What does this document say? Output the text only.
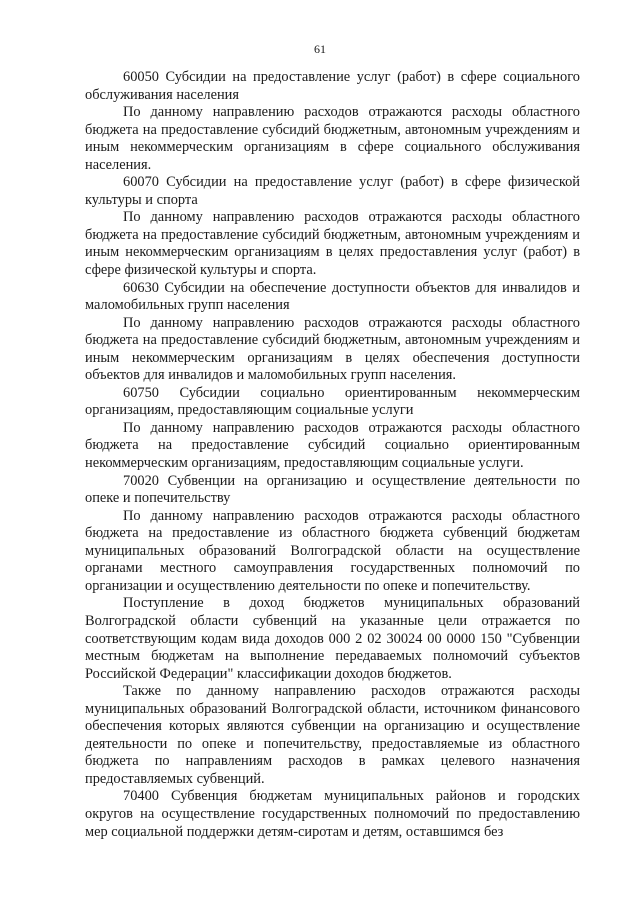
61

60050 Субсидии на предоставление услуг (работ) в сфере социального обслуживания населения

По данному направлению расходов отражаются расходы областного бюджета на предоставление субсидий бюджетным, автономным учреждениям и иным некоммерческим организациям в сфере социального обслуживания населения.

60070 Субсидии на предоставление услуг (работ) в сфере физической культуры и спорта

По данному направлению расходов отражаются расходы областного бюджета на предоставление субсидий бюджетным, автономным учреждениям и иным некоммерческим организациям в целях предоставления услуг (работ) в сфере физической культуры и спорта.

60630 Субсидии на обеспечение доступности объектов для инвалидов и маломобильных групп населения

По данному направлению расходов отражаются расходы областного бюджета на предоставление субсидий бюджетным, автономным учреждениям и иным некоммерческим организациям в целях обеспечения доступности объектов для инвалидов и маломобильных групп населения.

60750 Субсидии социально ориентированным некоммерческим организациям, предоставляющим социальные услуги

По данному направлению расходов отражаются расходы областного бюджета на предоставление субсидий социально ориентированным некоммерческим организациям, предоставляющим социальные услуги.

70020 Субвенции на организацию и осуществление деятельности по опеке и попечительству

По данному направлению расходов отражаются расходы областного бюджета на предоставление из областного бюджета субвенций бюджетам муниципальных образований Волгоградской области на осуществление органами местного самоуправления государственных полномочий по организации и осуществлению деятельности по опеке и попечительству.

Поступление в доход бюджетов муниципальных образований Волгоградской области субвенций на указанные цели отражается по соответствующим кодам вида доходов 000 2 02 30024 00 0000 150 "Субвенции местным бюджетам на выполнение передаваемых полномочий субъектов Российской Федерации" классификации доходов бюджетов.

Также по данному направлению расходов отражаются расходы муниципальных образований Волгоградской области, источником финансового обеспечения которых являются субвенции на организацию и осуществление деятельности по опеке и попечительству, предоставляемые из областного бюджета по направлениям расходов в рамках целевого назначения предоставляемых субвенций.

70400 Субвенция бюджетам муниципальных районов и городских округов на осуществление государственных полномочий по предоставлению мер социальной поддержки детям-сиротам и детям, оставшимся без
